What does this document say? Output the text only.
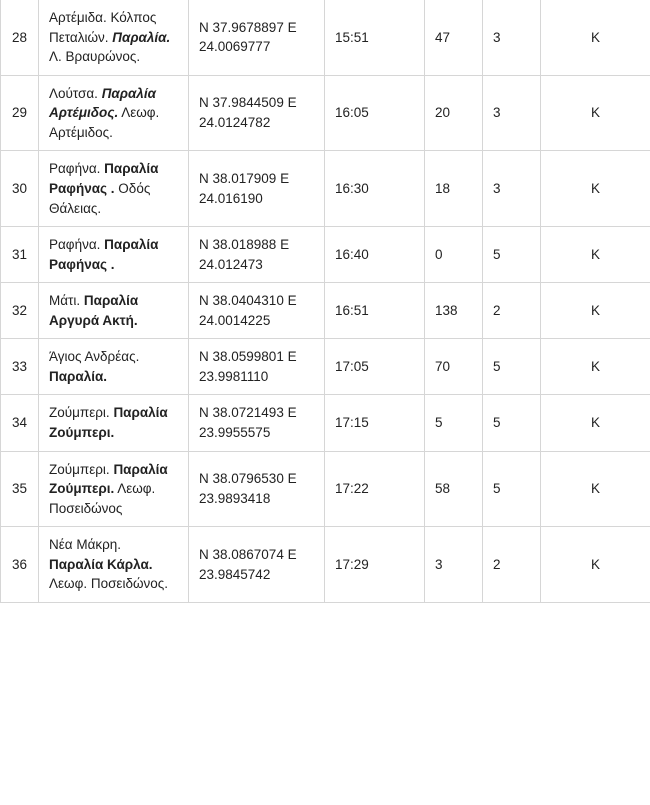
28	Αρτέμιδα. Κόλπος Πεταλιών. Παραλία. Λ. Βραυρώνος.	N 37.9678897 E 24.0069777	15:51	47	3	K
29	Λούτσα. Παραλία Αρτέμιδος. Λεωφ. Αρτέμιδος.	N 37.9844509 E 24.0124782	16:05	20	3	K
30	Ραφήνα. Παραλία Ραφήνας . Οδός Θάλειας.	N 38.017909 E 24.016190	16:30	18	3	K
31	Ραφήνα. Παραλία Ραφήνας .	N 38.018988 E 24.012473	16:40	0	5	K
32	Μάτι. Παραλία Αργυρά Ακτή.	N 38.0404310 E 24.0014225	16:51	138	2	K
33	Άγιος Ανδρέας. Παραλία.	N 38.0599801 E 23.9981110	17:05	70	5	K
34	Ζούμπερι. Παραλία Ζούμπερι.	N 38.0721493 E 23.9955575	17:15	5	5	K
35	Ζούμπερι. Παραλία Ζούμπερι. Λεωφ. Ποσειδώνος	N 38.0796530 E 23.9893418	17:22	58	5	K
36	Νέα Μάκρη. Παραλία Κάρλα. Λεωφ. Ποσειδώνος.	N 38.0867074 E 23.9845742	17:29	3	2	K
